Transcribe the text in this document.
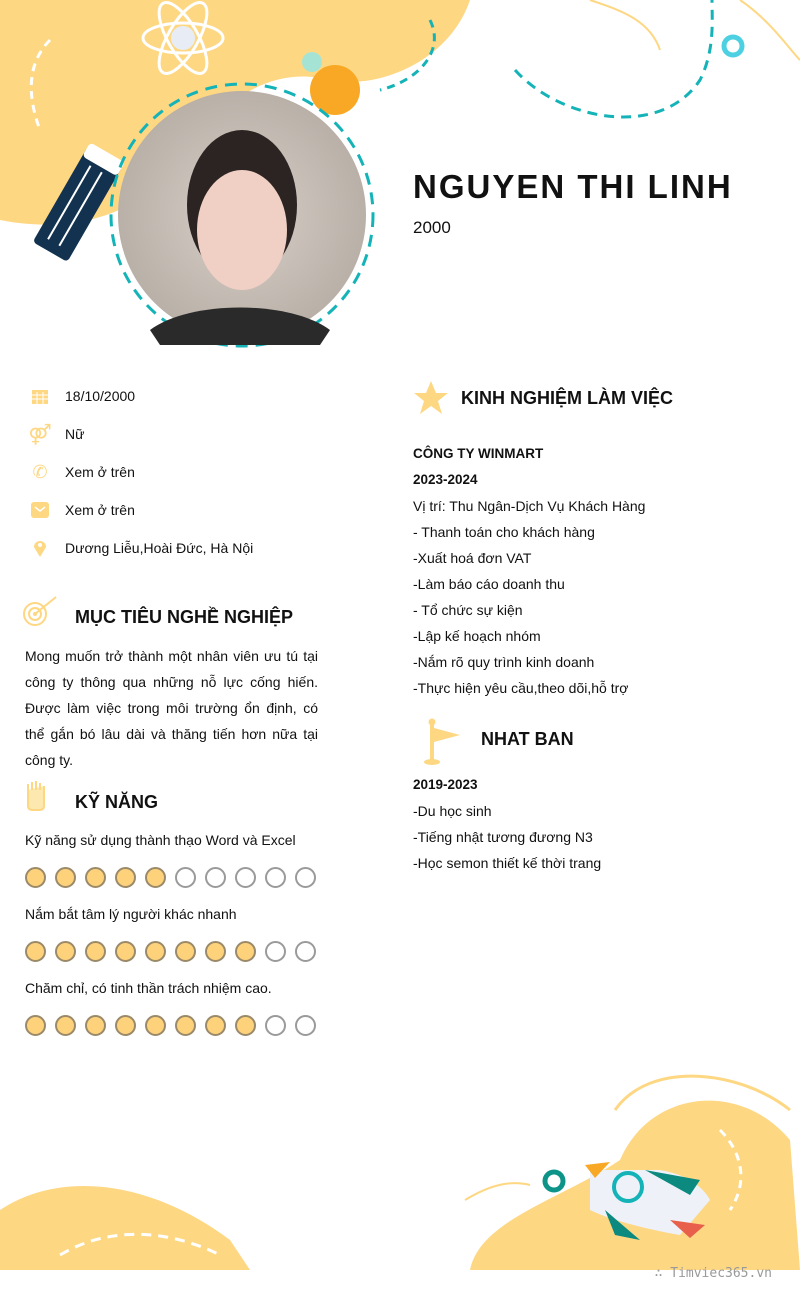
NGUYEN THI LINH
2000
18/10/2000
⚤ Nữ
✆ Xem ở trên
Xem ở trên
Dương Liễu,Hoài Đức, Hà Nội
MỤC TIÊU NGHỀ NGHIỆP
Mong muốn trở thành một nhân viên ưu tú tại công ty thông qua những nỗ lực cống hiến. Được làm việc trong môi trường ổn định, có thể gắn bó lâu dài và thăng tiến hơn nữa tại công ty.
KỸ NĂNG
Kỹ năng sử dụng thành thạo Word và Excel
Nắm bắt tâm lý người khác nhanh
Chăm chỉ, có tinh thần trách nhiệm cao.
KINH NGHIỆM LÀM VIỆC
CÔNG TY WINMART
2023-2024
Vị trí: Thu Ngân-Dịch Vụ Khách Hàng
- Thanh toán cho khách hàng
-Xuất hoá đơn VAT
-Làm báo cáo doanh thu
- Tổ chức sự kiện
-Lập kế hoạch nhóm
-Nắm rõ quy trình kinh doanh
-Thực hiện yêu cầu,theo dõi,hỗ trợ
NHAT BAN
2019-2023
-Du học sinh
-Tiếng nhật tương đương N3
-Học semon thiết kế thời trang
∴ Timviec365.vn
